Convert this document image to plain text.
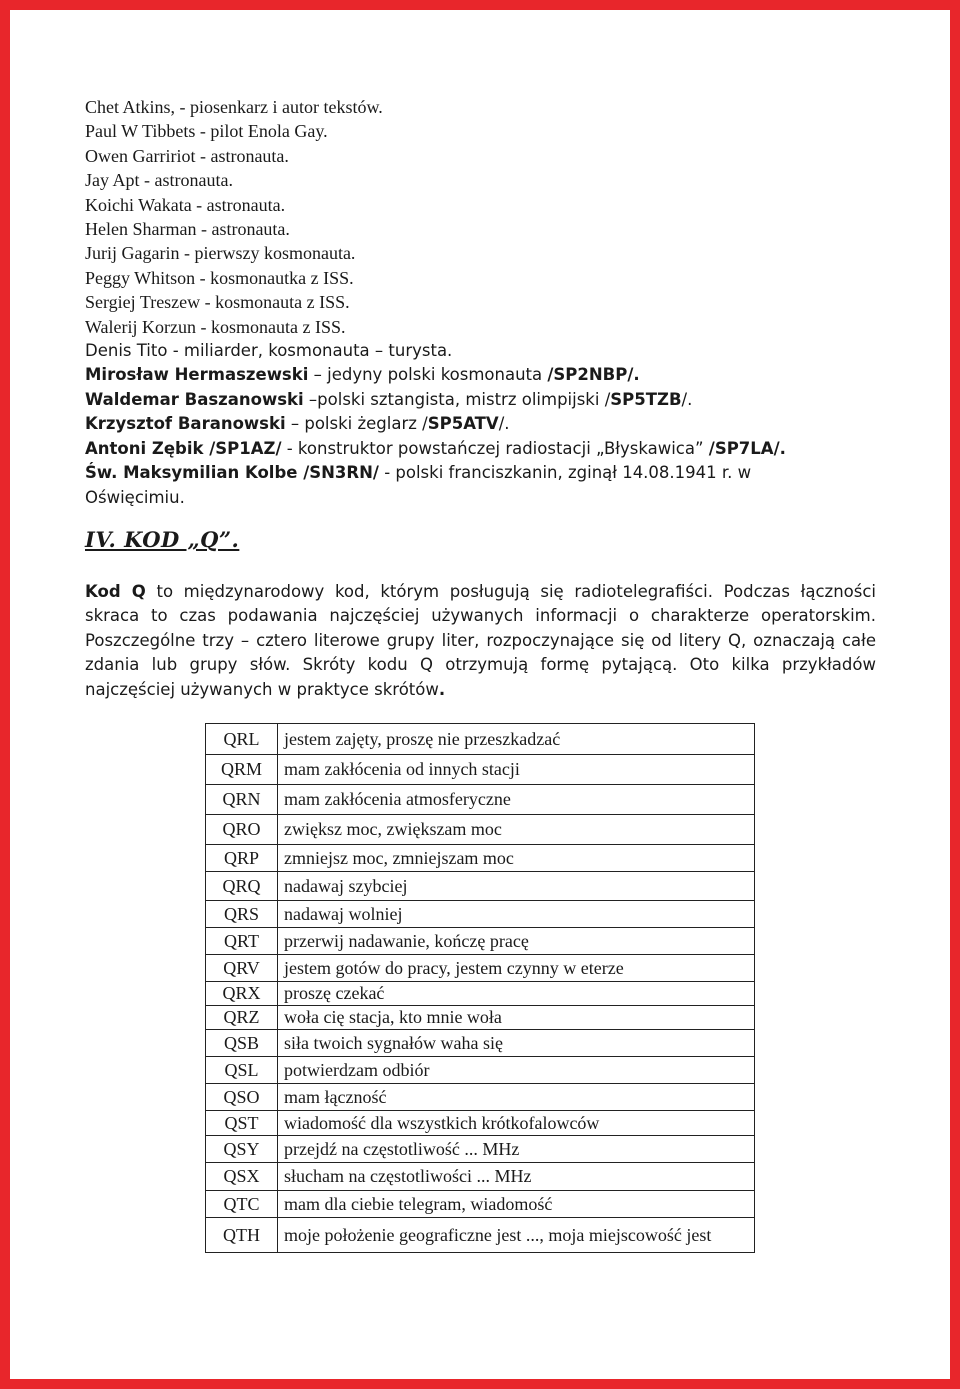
Chet Atkins, - piosenkarz i autor tekstów.
Paul W Tibbets - pilot Enola Gay.
Owen Garririot - astronauta.
Jay Apt - astronauta.
Koichi Wakata - astronauta.
Helen Sharman - astronauta.
Jurij Gagarin - pierwszy kosmonauta.
Peggy Whitson - kosmonautka z ISS.
Sergiej Treszew - kosmonauta z ISS.
Walerij Korzun - kosmonauta z ISS.
Denis Tito - miliarder, kosmonauta – turysta.
Mirosław Hermaszewski – jedyny polski kosmonauta /SP2NBP/.
Waldemar Baszanowski –polski sztangista, mistrz olimpijski /SP5TZB/.
Krzysztof Baranowski – polski żeglarz /SP5ATV/.
Antoni Zębik /SP1AZ/ - konstruktor powstańczej radiostacji „Błyskawica” /SP7LA/.
Św. Maksymilian Kolbe /SN3RN/ - polski franciszkanin, zginął 14.08.1941 r. w
Oświęcimiu.
IV. KOD „Q”.
Kod Q to międzynarodowy kod, którym posługują się radiotelegrafiści. Podczas łączności skraca to czas podawania najczęściej używanych informacji o charakterze operatorskim. Poszczególne trzy – cztero literowe grupy liter, rozpoczynające się od litery Q, oznaczają całe zdania lub grupy słów. Skróty kodu Q otrzymują formę pytającą. Oto kilka przykładów najczęściej używanych w praktyce skrótów.
QRL	jestem zajęty, proszę nie przeszkadzać
QRM	mam zakłócenia od innych stacji
QRN	mam zakłócenia atmosferyczne
QRO	zwiększ moc, zwiększam moc
QRP	zmniejsz moc, zmniejszam moc
QRQ	nadawaj szybciej
QRS	nadawaj wolniej
QRT	przerwij nadawanie, kończę pracę
QRV	jestem gotów do pracy, jestem czynny w eterze
QRX	proszę czekać
QRZ	woła cię stacja, kto mnie woła
QSB	siła twoich sygnałów waha się
QSL	potwierdzam odbiór
QSO	mam łączność
QST	wiadomość dla wszystkich krótkofalowców
QSY	przejdź na częstotliwość ... MHz
QSX	słucham na częstotliwości ... MHz
QTC	mam dla ciebie telegram, wiadomość
QTH	moje położenie geograficzne jest ..., moja miejscowość jest
